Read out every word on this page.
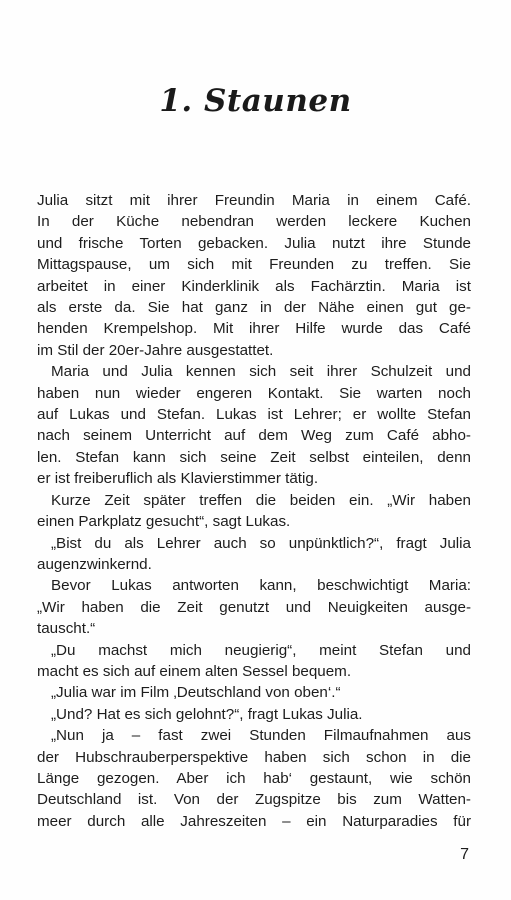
1. Staunen
Julia sitzt mit ihrer Freundin Maria in einem Café.
In der Küche nebendran werden leckere Kuchen
und frische Torten gebacken. Julia nutzt ihre Stunde
Mittagspause, um sich mit Freunden zu treffen. Sie
arbeitet in einer Kinderklinik als Fachärztin. Maria ist
als erste da. Sie hat ganz in der Nähe einen gut ge-
henden Krempelshop. Mit ihrer Hilfe wurde das Café
im Stil der 20er-Jahre ausgestattet.
Maria und Julia kennen sich seit ihrer Schulzeit und
haben nun wieder engeren Kontakt. Sie warten noch
auf Lukas und Stefan. Lukas ist Lehrer; er wollte Stefan
nach seinem Unterricht auf dem Weg zum Café abho-
len. Stefan kann sich seine Zeit selbst einteilen, denn
er ist freiberuflich als Klavierstimmer tätig.
Kurze Zeit später treffen die beiden ein. „Wir haben
einen Parkplatz gesucht“, sagt Lukas.
„Bist du als Lehrer auch so unpünktlich?“, fragt Julia
augenzwinkernd.
Bevor Lukas antworten kann, beschwichtigt Maria:
„Wir haben die Zeit genutzt und Neuigkeiten ausge-
tauscht.“
„Du machst mich neugierig“, meint Stefan und
macht es sich auf einem alten Sessel bequem.
„Julia war im Film ‚Deutschland von oben‘.“
„Und? Hat es sich gelohnt?“, fragt Lukas Julia.
„Nun ja – fast zwei Stunden Filmaufnahmen aus
der Hubschrauberperspektive haben sich schon in die
Länge gezogen. Aber ich hab‘ gestaunt, wie schön
Deutschland ist. Von der Zugspitze bis zum Watten-
meer durch alle Jahreszeiten – ein Naturparadies für
7
